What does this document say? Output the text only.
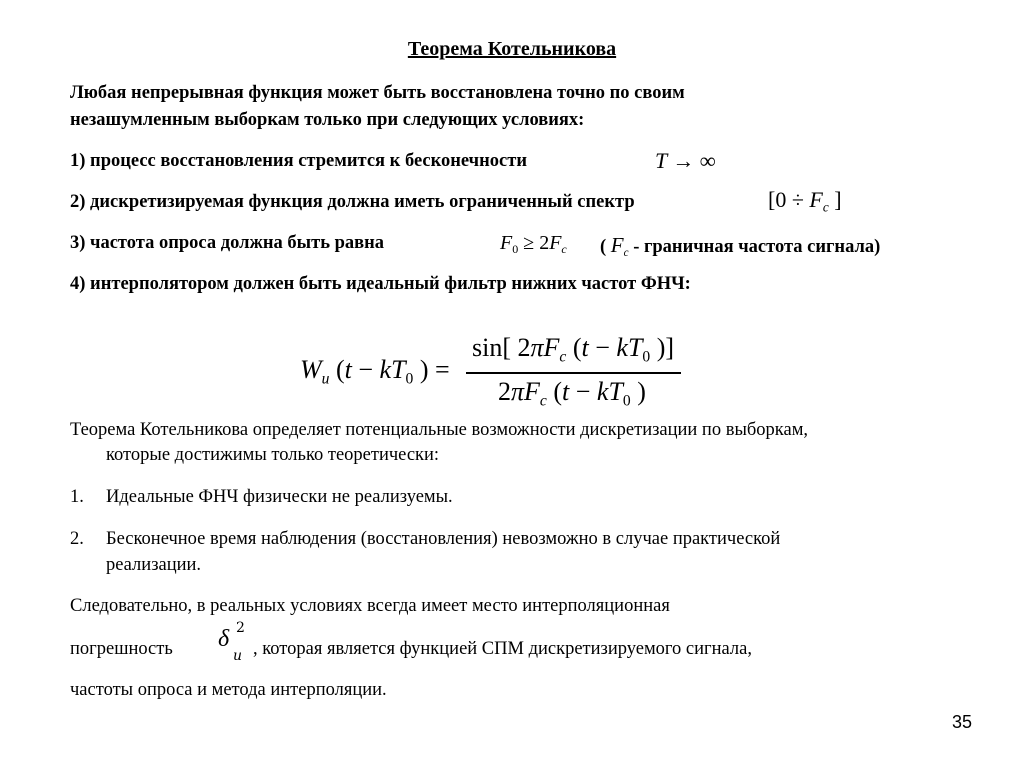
Теорема Котельникова
Любая непрерывная функция может быть восстановлена точно по своим
незашумленным выборкам только при следующих условиях:
1) процесс восстановления стремится к бесконечности	T → ∞
2) дискретизируемая функция должна иметь ограниченный спектр	[$0 \div F_c$ ]
3) частота опроса должна быть равна	$F_0 \ge 2F_c$ ( $F_c$ - граничная частота сигнала)
4) интерполятором должен быть идеальный фильтр нижних частот ФНЧ:
$W_и$ ($t - kT_0$ ) =
sin[ $2\pi F_c$ ($t - kT_0$ )]
$2\pi F_c$ ($t - kT_0$ )
Теорема Котельникова определяет потенциальные возможности дискретизации по выборкам,
которые достижимы только теоретически:
1. Идеальные ФНЧ физически не реализуемы.
2. Бесконечное время наблюдения (восстановления) невозможно в случае практической
реализации.
Следовательно, в реальных условиях всегда имеет место интерполяционная
погрешность δ
и
2
, которая является функцией СПМ дискретизируемого сигнала,
частоты опроса и метода интерполяции.
35
